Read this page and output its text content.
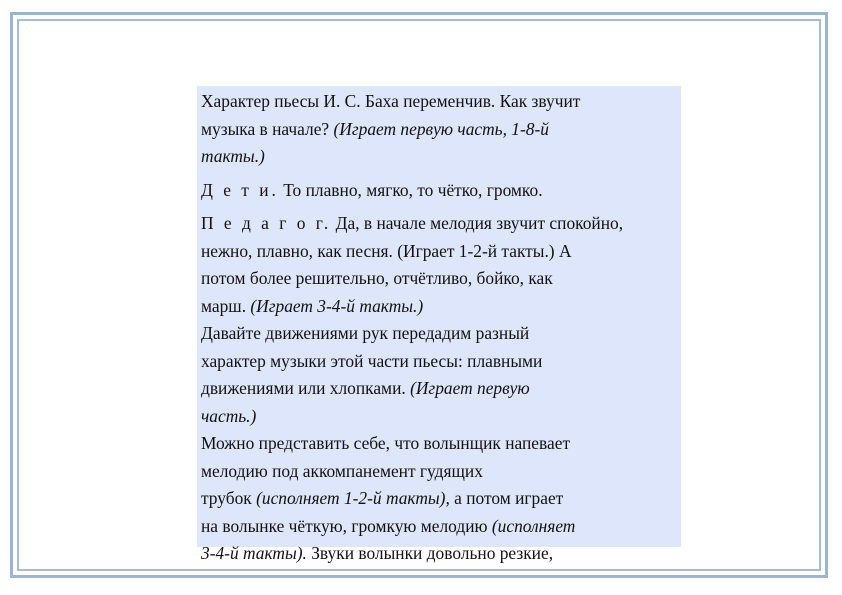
Характер пьесы И. С. Баха переменчив. Как звучит
музыка в начале? (Играет первую часть, 1-8-й
такты.)
Д е т и. То плавно, мягко, то чётко, громко.
П е д а г о г. Да, в начале мелодия звучит спокойно,
нежно, плавно, как песня. (Играет 1-2-й такты.) А
потом более решительно, отчётливо, бойко, как
марш. (Играет 3-4-й такты.)
Давайте движениями рук передадим разный
характер музыки этой части пьесы: плавными
движениями или хлопками. (Играет первую
часть.)
Можно представить себе, что волынщик напевает
мелодию под аккомпанемент гудящих
трубок (исполняет 1-2-й такты), а потом играет
на волынке чёткую, громкую мелодию (исполняет
3-4-й такты). Звуки волынки довольно резкие,
